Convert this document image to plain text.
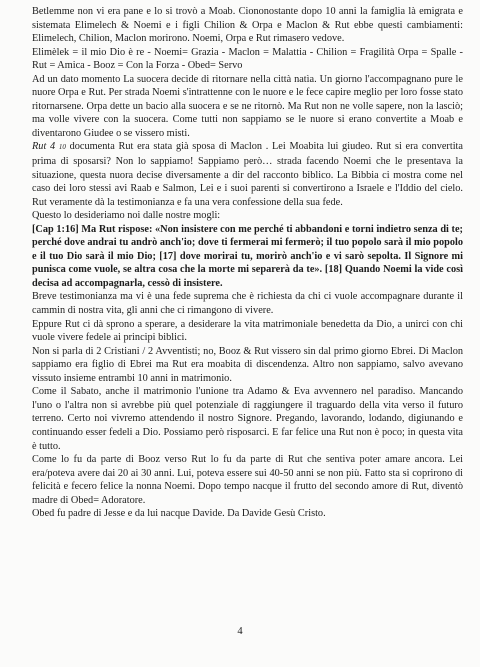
Betlemme non vi era pane e lo si trovò a Moab. Ciononostante dopo 10 anni la famiglia là emigrata e sistemata Elimelech & Noemi e i figli Chilion & Orpa e Maclon & Rut ebbe questi cambiamenti: Elimelech, Chilion, Maclon morirono. Noemi, Orpa e Rut rimasero vedove.

Elimèlek = il mio Dio è re - Noemi= Grazia - Maclon = Malattia - Chilion = Fragilità Orpa = Spalle - Rut = Amica - Booz = Con la Forza - Obed= Servo

Ad un dato momento La suocera decide di ritornare nella città natìa. Un giorno l'accompagnano pure le nuore Orpa e Rut. Per strada Noemi s'intrattenne con le nuore e le fece capire meglio per loro fosse stato ritornarsene. Orpa dette un bacio alla suocera e se ne ritornò. Ma Rut non ne volle sapere, non la lasciò; ma volle vivere con la suocera. Come tutti non sappiamo se le nuore si erano convertite a Moab e diventarono Giudee o se vissero misti.

Rut 4 10 documenta Rut era stata già sposa di Maclon . Lei Moabita lui giudeo. Rut si era convertita prima di sposarsi? Non lo sappiamo! Sappiamo però… strada facendo Noemi che le presentava la situazione, questa nuora decise diversamente a dir del racconto biblico. La Bibbia ci mostra come nel caso dei loro stessi avi Raab e Salmon, Lei e i suoi parenti si convertirono a Israele e l'Iddio del cielo. Rut veramente dà la testimonianza e fa una vera confessione della sua fede.

Questo lo desideriamo noi dalle nostre mogli:

[Cap 1:16] Ma Rut rispose: «Non insistere con me perché ti abbandoni e torni indietro senza di te; perché dove andrai tu andrò anch'io; dove ti fermerai mi fermerò; il tuo popolo sarà il mio popolo e il tuo Dio sarà il mio Dio; [17] dove morirai tu, morirò anch'io e vi sarò sepolta. Il Signore mi punisca come vuole, se altra cosa che la morte mi separerà da te». [18] Quando Noemi la vide così decisa ad accompagnarla, cessò di insistere.

Breve testimonianza ma vi è una fede suprema che è richiesta da chi ci vuole accompagnare durante il cammin di nostra vita, gli anni che ci rimangono di vivere.

Eppure Rut ci dà sprono a sperare, a desiderare la vita matrimoniale benedetta da Dio, a unirci con chi vuole vivere fedele ai principi biblici.

Non si parla di 2 Cristiani / 2 Avventisti; no, Booz & Rut vissero sin dal primo giorno Ebrei. Di Maclon sappiamo era figlio di Ebrei ma Rut era moabita di discendenza. Altro non sappiamo, salvo avevano vissuto insieme entrambi 10 anni in matrimonio.

Come il Sabato, anche il matrimonio l'unione tra Adamo & Eva avvennero nel paradiso. Mancando l'uno o l'altra non si avrebbe più quel potenziale di raggiungere il traguardo della vita verso il futuro terreno. Certo noi vivremo attendendo il nostro Signore. Pregando, lavorando, lodando, digiunando e continuando esser fedeli a Dio. Possiamo però risposarci. E far felice una Rut non è poco; in questa vita è tutto.

Come lo fu da parte di Booz verso Rut lo fu da parte di Rut che sentiva poter amare ancora. Lei era/poteva avere dai 20 ai 30 anni. Lui, poteva essere sui 40-50 anni se non più. Fatto sta si coprirono di felicità e fecero felice la nonna Noemi. Dopo tempo nacque il frutto del secondo amore di Rut, diventò madre di Obed= Adoratore.

Obed fu padre di Jesse e da lui nacque Davide. Da Davide Gesù Cristo.

4
